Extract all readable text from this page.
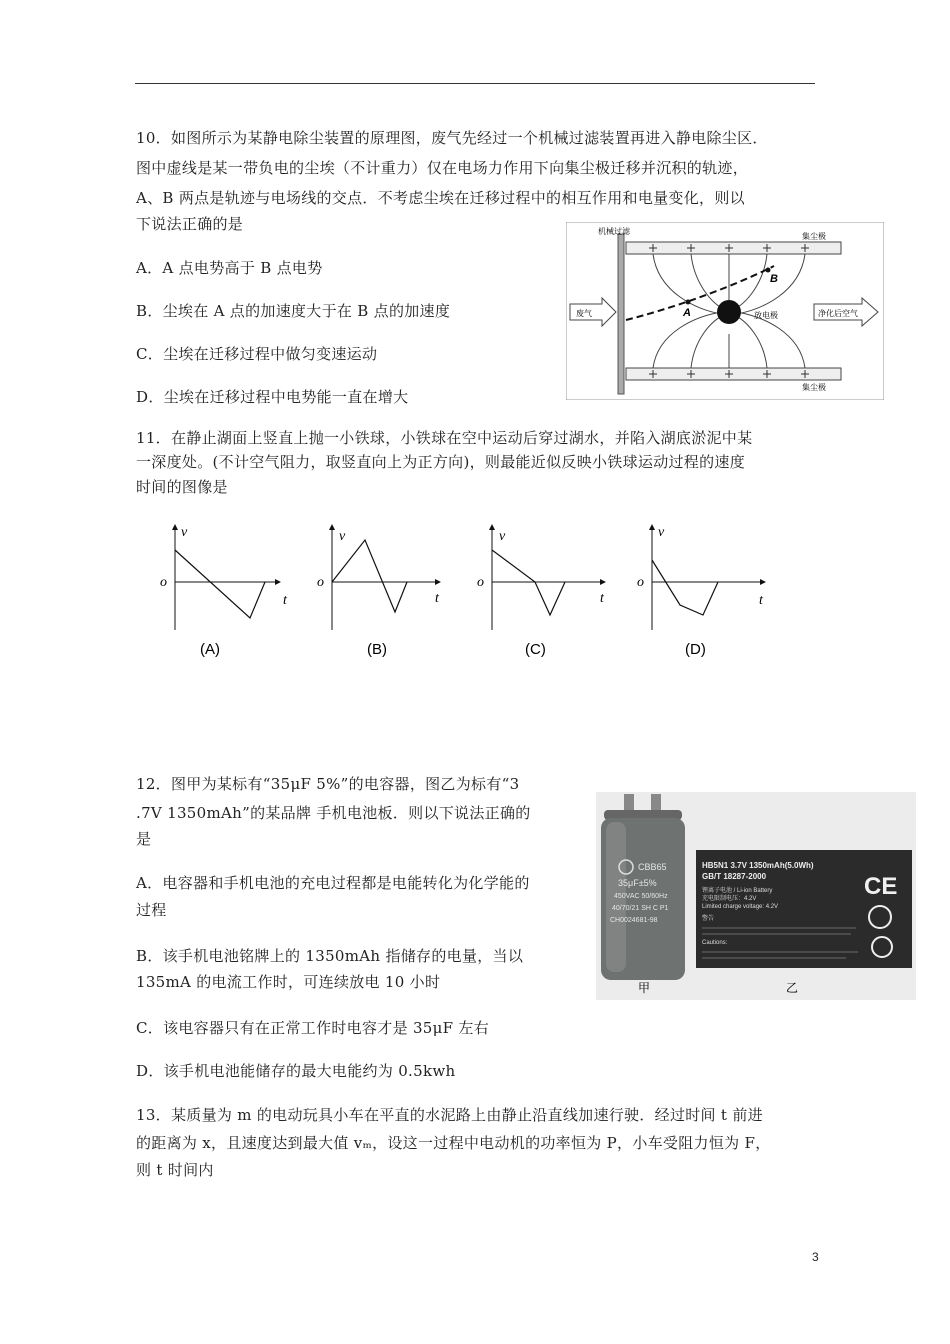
10．如图所示为某静电除尘装置的原理图，废气先经过一个机械过滤装置再进入静电除尘区．
图中虚线是某一带负电的尘埃（不计重力）仅在电场力作用下向集尘极迁移并沉积的轨迹，
A、B 两点是轨迹与电场线的交点．不考虑尘埃在迁移过程中的相互作用和电量变化，则以
下说法正确的是
A．A 点电势高于 B 点电势
B．尘埃在 A 点的加速度大于在 B 点的加速度
C．尘埃在迁移过程中做匀变速运动
D．尘埃在迁移过程中电势能一直在增大
机械过滤
集尘极
集尘极
放电极
A
B
废气	净化后空气
11．在静止湖面上竖直上抛一小铁球，小铁球在空中运动后穿过湖水，并陷入湖底淤泥中某
一深度处。(不计空气阻力，取竖直向上为正方向)，则最能近似反映小铁球运动过程的速度
时间的图像是
v
o
t
(A)
v
o
t
(B)
v
o
t
(C)
v
o
t
(D)
12．图甲为某标有“35μF 5%”的电容器，图乙为标有“3
.7V 1350mAh”的某品牌 手机电池板．则以下说法正确的
是
A．电容器和手机电池的充电过程都是电能转化为化学能的
过程
B．该手机电池铭牌上的 1350mAh 指储存的电量，当以
135mA 的电流工作时，可连续放电 10 小时
C．该电容器只有在正常工作时电容才是 35μF 左右
D．该手机电池能储存的最大电能约为 0.5kwh
CBB65
35μF±5%
450VAC 50/60Hz
40/70/21 SH C P1
CH0024681-98
甲
HB5N1 3.7V 1350mAh(5.0Wh)
GB/T 18287-2000
锂离子电池 / Li-ion Battery
充电限制电压：4.2V
Limited charge voltage: 4.2V
警告
Cautions:
CE
乙
13．某质量为 m 的电动玩具小车在平直的水泥路上由静止沿直线加速行驶．经过时间 t 前进
的距离为 x，且速度达到最大值 vₘ，设这一过程中电动机的功率恒为 P，小车受阻力恒为 F，
则 t 时间内
3
